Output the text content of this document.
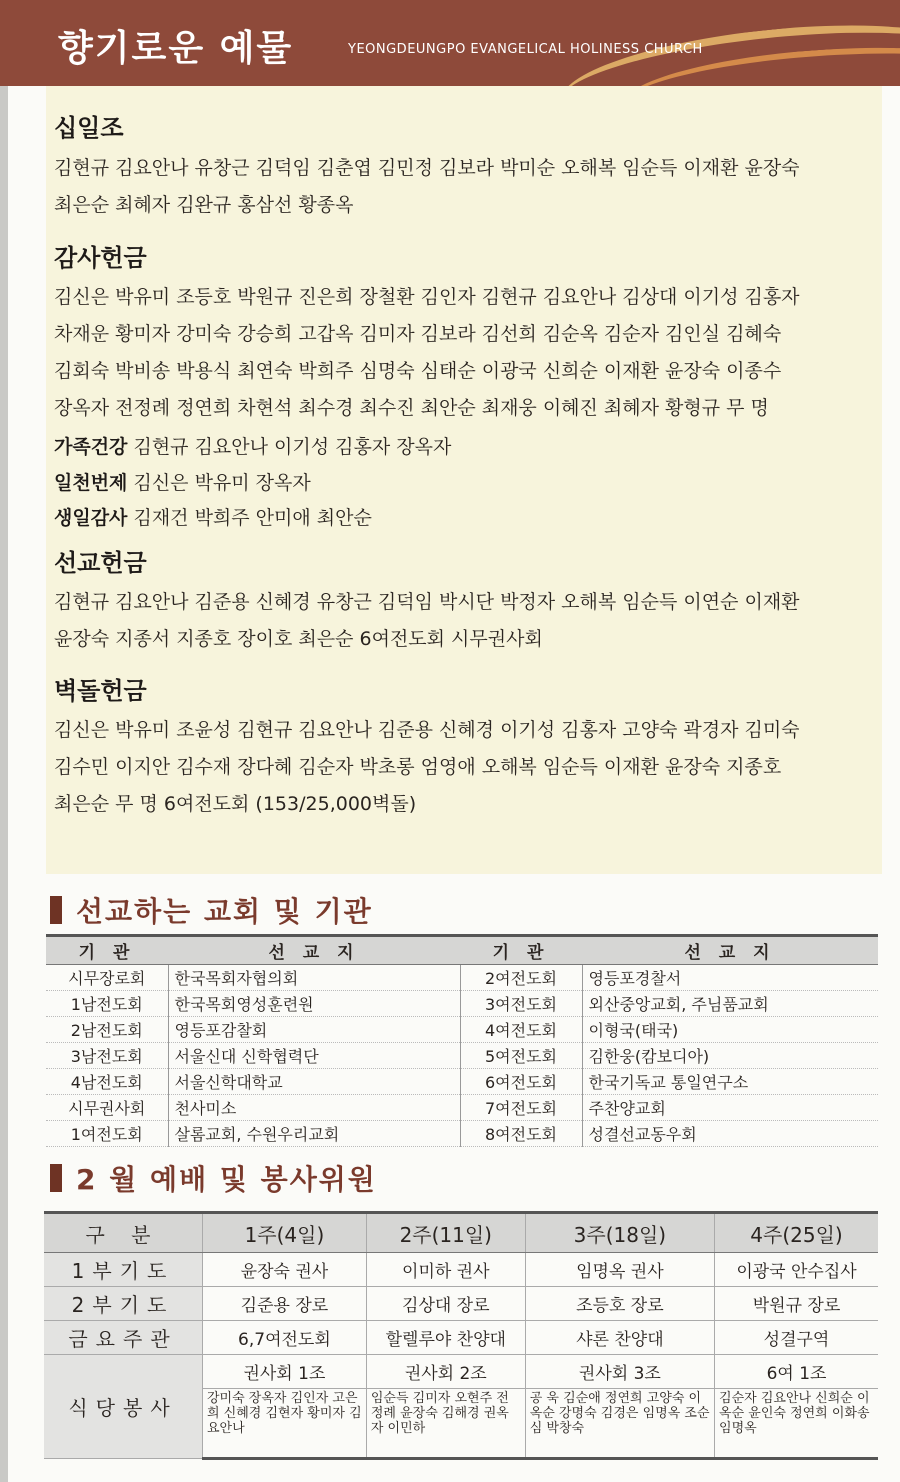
향기로운 예물	YEONGDEUNGPO EVANGELICAL HOLINESS CHURCH
십일조
김현규 김요안나 유창근 김덕임 김춘엽 김민정 김보라 박미순 오해복 임순득 이재환 윤장숙
최은순 최혜자 김완규 홍삼선 황종옥
감사헌금
김신은 박유미 조등호 박원규 진은희 장철환 김인자 김현규 김요안나 김상대 이기성 김홍자
차재운 황미자 강미숙 강승희 고갑옥 김미자 김보라 김선희 김순옥 김순자 김인실 김혜숙
김회숙 박비송 박용식 최연숙 박희주 심명숙 심태순 이광국 신희순 이재환 윤장숙 이종수
장옥자 전정례 정연희 차현석 최수경 최수진 최안순 최재웅 이혜진 최혜자 황형규 무 명
가족건강 김현규 김요안나 이기성 김홍자 장옥자
일천번제 김신은 박유미 장옥자
생일감사 김재건 박희주 안미애 최안순
선교헌금
김현규 김요안나 김준용 신혜경 유창근 김덕임 박시단 박정자 오해복 임순득 이연순 이재환
윤장숙 지종서 지종호 장이호 최은순 6여전도회 시무권사회
벽돌헌금
김신은 박유미 조윤성 김현규 김요안나 김준용 신혜경 이기성 김홍자 고양숙 곽경자 김미숙
김수민 이지안 김수재 장다혜 김순자 박초롱 엄영애 오해복 임순득 이재환 윤장숙 지종호
최은순 무 명 6여전도회 (153/25,000벽돌)
선교하는 교회 및 기관
기 관	선 교 지	기 관	선 교 지
시무장로회	한국목회자협의회	2여전도회	영등포경찰서
1남전도회	한국목회영성훈련원	3여전도회	외산중앙교회, 주님품교회
2남전도회	영등포감찰회	4여전도회	이형국(태국)
3남전도회	서울신대 신학협력단	5여전도회	김한웅(캄보디아)
4남전도회	서울신학대학교	6여전도회	한국기독교 통일연구소
시무권사회	천사미소	7여전도회	주찬양교회
1여전도회	살롬교회, 수원우리교회	8여전도회	성결선교동우회
2 월 예배 및 봉사위원
구 분	1주(4일)	2주(11일)	3주(18일)	4주(25일)
1부기도	윤장숙 권사	이미하 권사	임명옥 권사	이광국 안수집사
2부기도	김준용 장로	김상대 장로	조등호 장로	박원규 장로
금요주관	6,7여전도회	할렐루야 찬양대	샤론 찬양대	성결구역
식당봉사	권사회 1조	권사회 2조	권사회 3조	6여 1조
	강미숙 장옥자 김인자 고은희 신혜경 김현자 황미자 김요안나	임순득 김미자 오현주 전정례 윤장숙 김해경 권옥자 이민하	공 욱 김순애 정연희 고양숙 이옥순 강명숙 김경은 임명옥 조순심 박창숙	김순자 김요안나 신희순 이옥순 윤인숙 정연희 이화송 임명옥
